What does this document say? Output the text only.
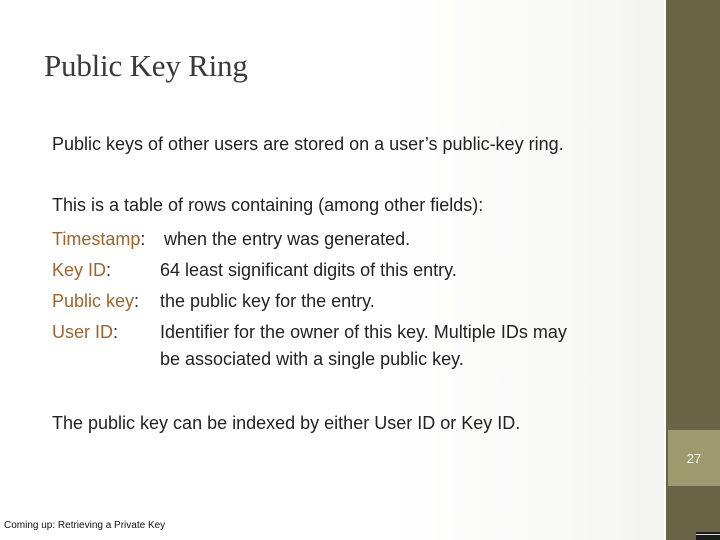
27
Public Key Ring
Public keys of other users are stored on a user’s public-key ring.
This is a table of rows containing (among other fields):
Timestamp: when the entry was generated.
Key ID:	64 least significant digits of this entry.
Public key: the public key for the entry.
User ID: Identifier for the owner of this key. Multiple IDs may
be associated with a single public key.
The public key can be indexed by either User ID or Key ID.
Coming up: Retrieving a Private Key
